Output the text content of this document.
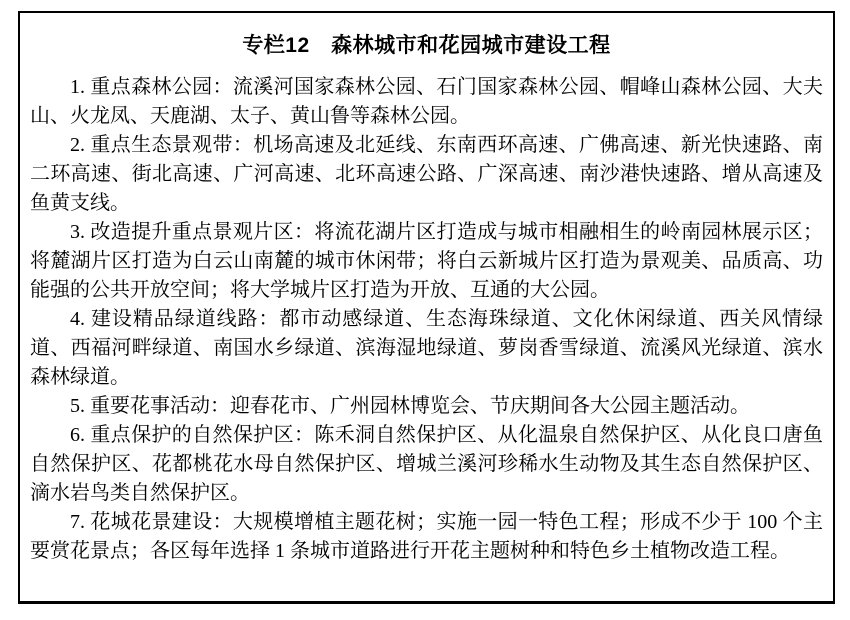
专栏12　森林城市和花园城市建设工程

1. 重点森林公园：流溪河国家森林公园、石门国家森林公园、帽峰山森林公园、大夫山、火龙凤、天鹿湖、太子、黄山鲁等森林公园。

2. 重点生态景观带：机场高速及北延线、东南西环高速、广佛高速、新光快速路、南二环高速、街北高速、广河高速、北环高速公路、广深高速、南沙港快速路、增从高速及鱼黄支线。

3. 改造提升重点景观片区：将流花湖片区打造成与城市相融相生的岭南园林展示区；将麓湖片区打造为白云山南麓的城市休闲带；将白云新城片区打造为景观美、品质高、功能强的公共开放空间；将大学城片区打造为开放、互通的大公园。

4. 建设精品绿道线路：都市动感绿道、生态海珠绿道、文化休闲绿道、西关风情绿道、西福河畔绿道、南国水乡绿道、滨海湿地绿道、萝岗香雪绿道、流溪风光绿道、滨水森林绿道。

5. 重要花事活动：迎春花市、广州园林博览会、节庆期间各大公园主题活动。

6. 重点保护的自然保护区：陈禾洞自然保护区、从化温泉自然保护区、从化良口唐鱼自然保护区、花都桃花水母自然保护区、增城兰溪河珍稀水生动物及其生态自然保护区、滴水岩鸟类自然保护区。

7. 花城花景建设：大规模增植主题花树；实施一园一特色工程；形成不少于 100 个主要赏花景点；各区每年选择 1 条城市道路进行开花主题树种和特色乡土植物改造工程。
